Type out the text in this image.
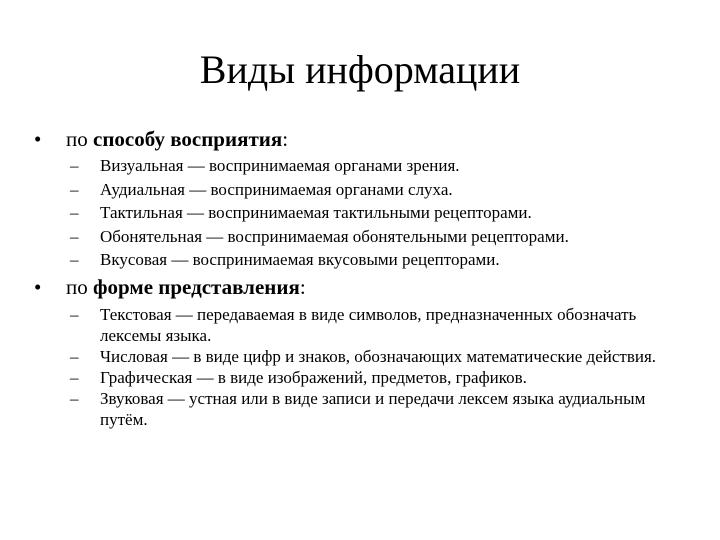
Виды информации
•	по способу восприятия:
– Визуальная — воспринимаемая органами зрения.
– Аудиальная — воспринимаемая органами слуха.
– Тактильная — воспринимаемая тактильными рецепторами.
– Обонятельная — воспринимаемая обонятельными рецепторами.
– Вкусовая — воспринимаемая вкусовыми рецепторами.
•	по форме представления:
– Текстовая — передаваемая в виде символов, предназначенных обозначать лексемы языка.
– Числовая — в виде цифр и знаков, обозначающих математические действия.
– Графическая — в виде изображений, предметов, графиков.
– Звуковая — устная или в виде записи и передачи лексем языка аудиальным путём.
